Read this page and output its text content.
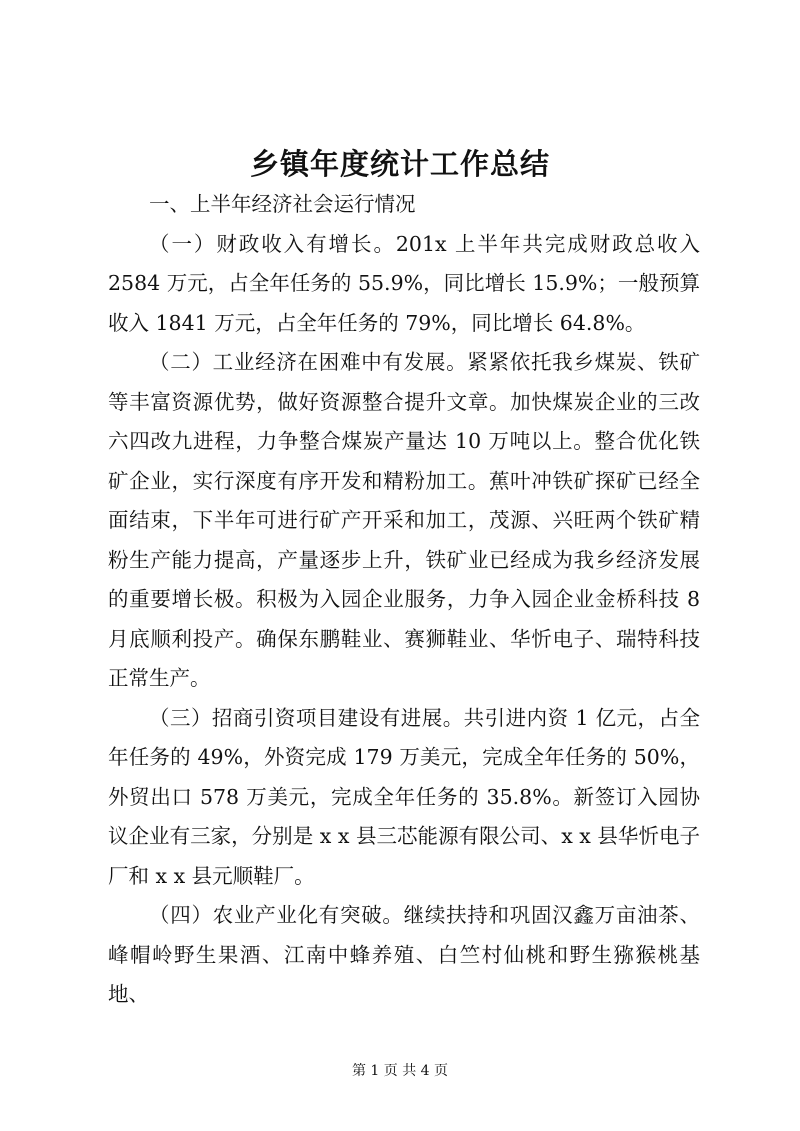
乡镇年度统计工作总结

一、上半年经济社会运行情况

（一）财政收入有增长。201x 上半年共完成财政总收入 2584 万元，占全年任务的 55.9%，同比增长 15.9%；一般预算收入 1841 万元，占全年任务的 79%，同比增长 64.8%。

（二）工业经济在困难中有发展。紧紧依托我乡煤炭、铁矿等丰富资源优势，做好资源整合提升文章。加快煤炭企业的三改六四改九进程，力争整合煤炭产量达 10 万吨以上。整合优化铁矿企业，实行深度有序开发和精粉加工。蕉叶冲铁矿探矿已经全面结束，下半年可进行矿产开采和加工，茂源、兴旺两个铁矿精粉生产能力提高，产量逐步上升，铁矿业已经成为我乡经济发展的重要增长极。积极为入园企业服务，力争入园企业金桥科技 8 月底顺利投产。确保东鹏鞋业、赛狮鞋业、华忻电子、瑞特科技正常生产。

（三）招商引资项目建设有进展。共引进内资 1 亿元，占全年任务的 49%，外资完成 179 万美元，完成全年任务的 50%，外贸出口 578 万美元，完成全年任务的 35.8%。新签订入园协议企业有三家，分别是 x x 县三芯能源有限公司、x x 县华忻电子厂和 x x 县元顺鞋厂。

（四）农业产业化有突破。继续扶持和巩固汉鑫万亩油茶、峰帽岭野生果酒、江南中蜂养殖、白竺村仙桃和野生猕猴桃基地、

第 1 页 共 4 页
